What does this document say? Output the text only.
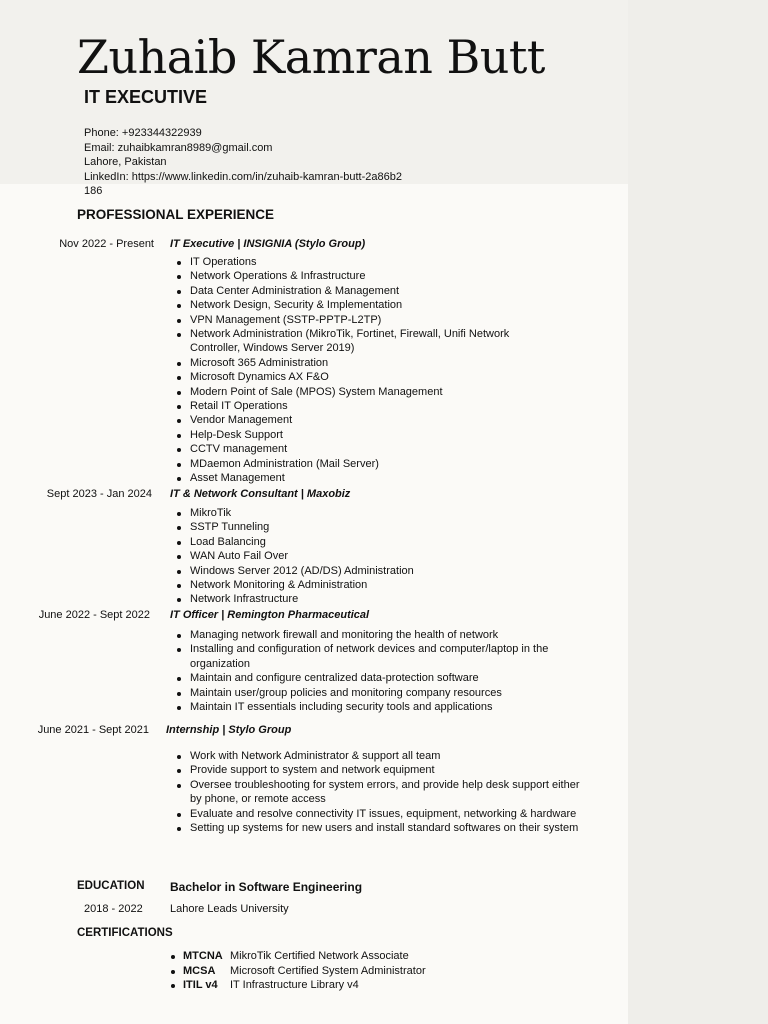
Zuhaib Kamran Butt
IT EXECUTIVE
Phone: +923344322939
Email: zuhaibkamran8989@gmail.com
Lahore, Pakistan
LinkedIn: https://www.linkedin.com/in/zuhaib-kamran-butt-2a86b2186
PROFESSIONAL EXPERIENCE
Nov 2022 - Present IT Executive | INSIGNIA (Stylo Group)
IT Operations
Network Operations & Infrastructure
Data Center Administration & Management
Network Design, Security & Implementation
VPN Management (SSTP-PPTP-L2TP)
Network Administration (MikroTik, Fortinet, Firewall, Unifi Network Controller, Windows Server 2019)
Microsoft 365 Administration
Microsoft Dynamics AX F&O
Modern Point of Sale (MPOS) System Management
Retail IT Operations
Vendor Management
Help-Desk Support
CCTV management
MDaemon Administration (Mail Server)
Asset Management
Sept 2023 - Jan 2024 IT & Network Consultant | Maxobiz
MikroTik
SSTP Tunneling
Load Balancing
WAN Auto Fail Over
Windows Server 2012 (AD/DS) Administration
Network Monitoring & Administration
Network Infrastructure
June 2022 - Sept 2022 IT Officer | Remington Pharmaceutical
Managing network firewall and monitoring the health of network
Installing and configuration of network devices and computer/laptop in the organization
Maintain and configure centralized data-protection software
Maintain user/group policies and monitoring company resources
Maintain IT essentials including security tools and applications
June 2021 - Sept 2021 Internship | Stylo Group
Work with Network Administrator & support all team
Provide support to system and network equipment
Oversee troubleshooting for system errors, and provide help desk support either by phone, or remote access
Evaluate and resolve connectivity IT issues, equipment, networking & hardware
Setting up systems for new users and install standard softwares on their system
EDUCATION Bachelor in Software Engineering
2018 - 2022 Lahore Leads University
CERTIFICATIONS
MTCNA MikroTik Certified Network Associate
MCSA Microsoft Certified System Administrator
ITIL v4 IT Infrastructure Library v4
